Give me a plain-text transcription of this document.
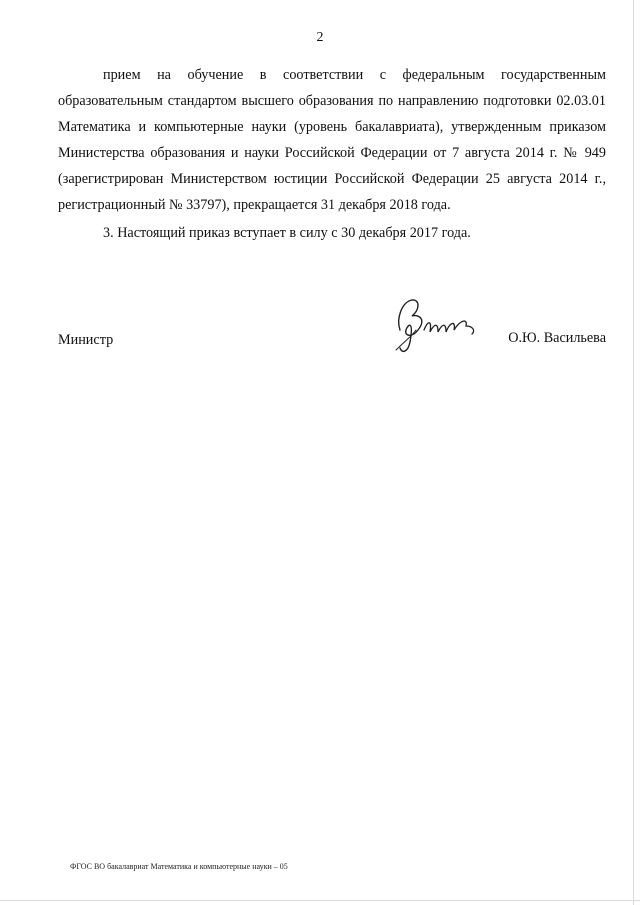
2

прием на обучение в соответствии с федеральным государственным образовательным стандартом высшего образования по направлению подготовки 02.03.01 Математика и компьютерные науки (уровень бакалавриата), утвержденным приказом Министерства образования и науки Российской Федерации от 7 августа 2014 г. № 949 (зарегистрирован Министерством юстиции Российской Федерации 25 августа 2014 г., регистрационный № 33797), прекращается 31 декабря 2018 года.

3. Настоящий приказ вступает в силу с 30 декабря 2017 года.

Министр	О.Ю. Васильева
ФГОС ВО бакалавриат Математика и компьютерные науки – 05
